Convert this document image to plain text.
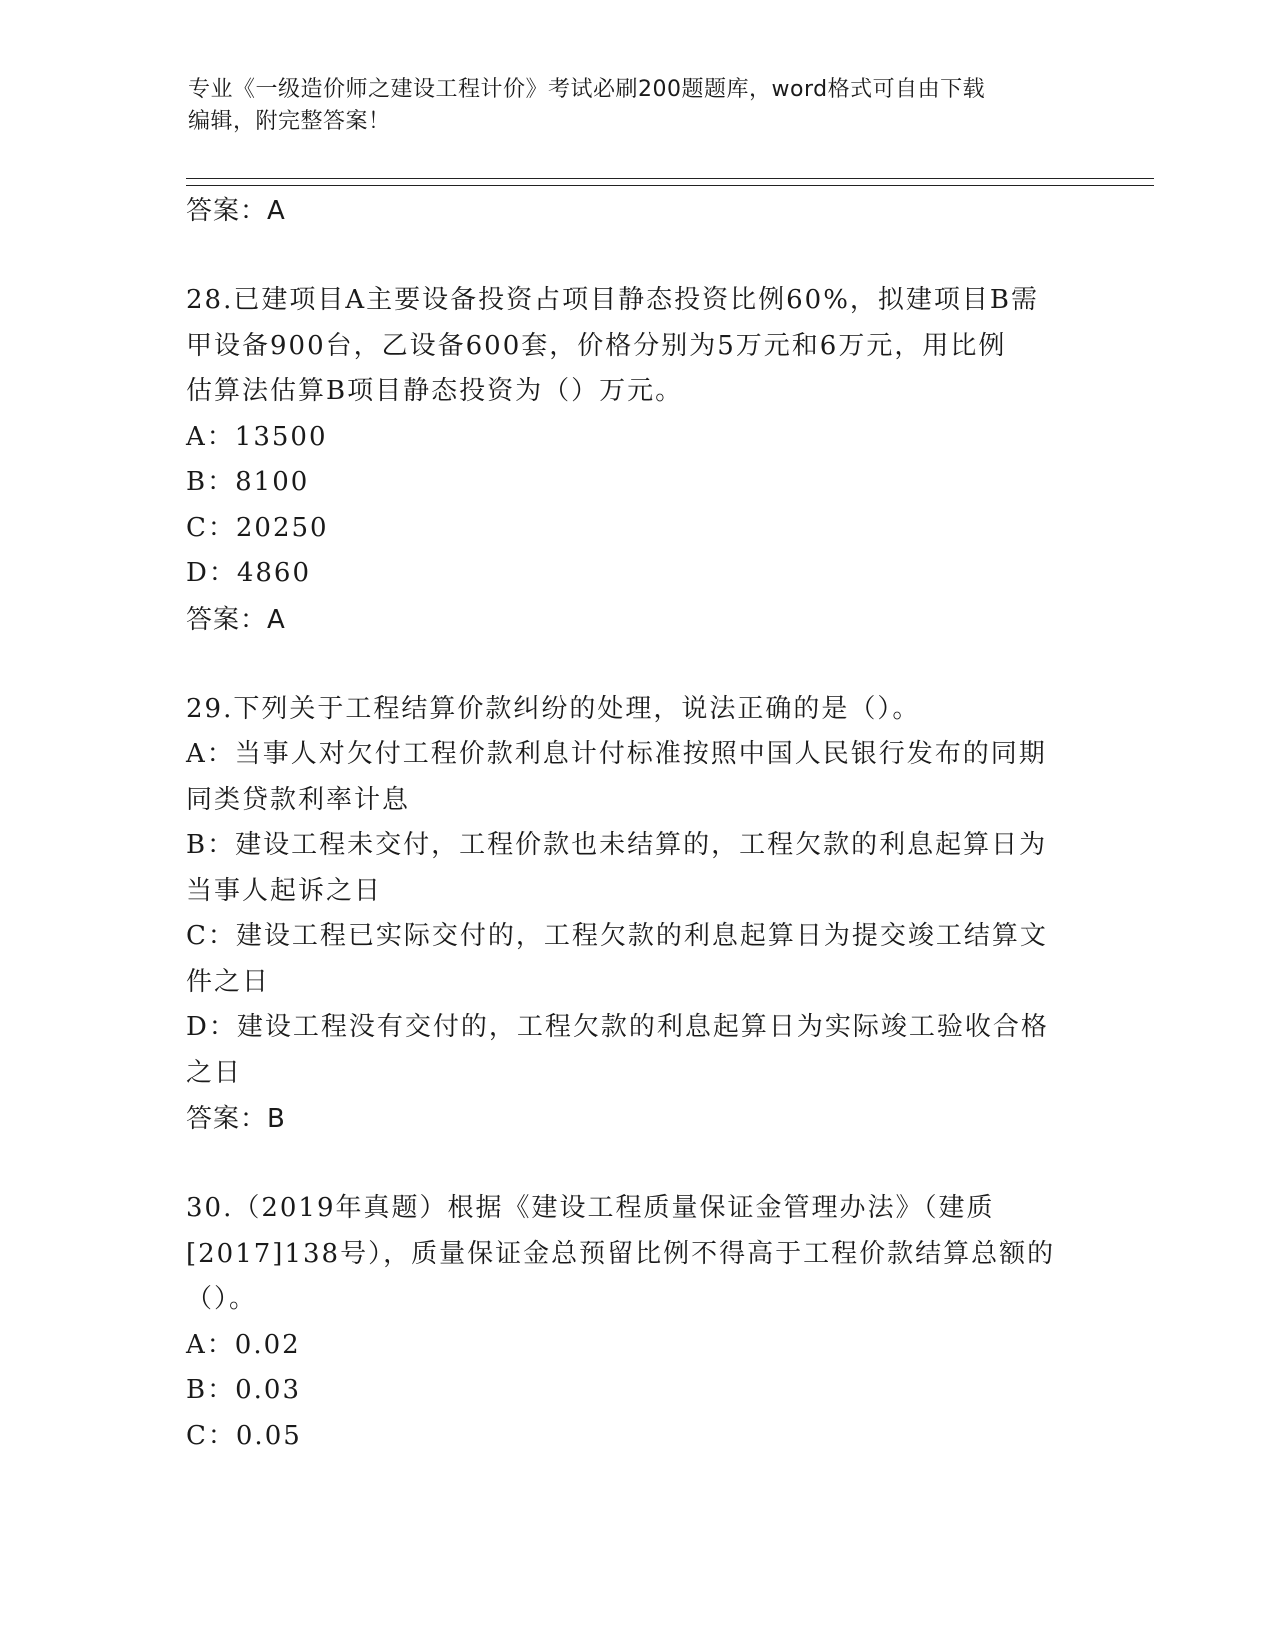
专业《一级造价师之建设工程计价》考试必刷200题题库，word格式可自由下载
编辑，附完整答案！
答案：A
28.已建项目A主要设备投资占项目静态投资比例60%，拟建项目B需
甲设备900台，乙设备600套，价格分别为5万元和6万元，用比例
估算法估算B项目静态投资为（）万元。
A：13500
B：8100
C：20250
D：4860
答案：A
29.下列关于工程结算价款纠纷的处理，说法正确的是（）。
A：当事人对欠付工程价款利息计付标准按照中国人民银行发布的同期
同类贷款利率计息
B：建设工程未交付，工程价款也未结算的，工程欠款的利息起算日为
当事人起诉之日
C：建设工程已实际交付的，工程欠款的利息起算日为提交竣工结算文
件之日
D：建设工程没有交付的，工程欠款的利息起算日为实际竣工验收合格
之日
答案：B
30.（2019年真题）根据《建设工程质量保证金管理办法》（建质
[2017]138号），质量保证金总预留比例不得高于工程价款结算总额的
（）。
A：0.02
B：0.03
C：0.05
